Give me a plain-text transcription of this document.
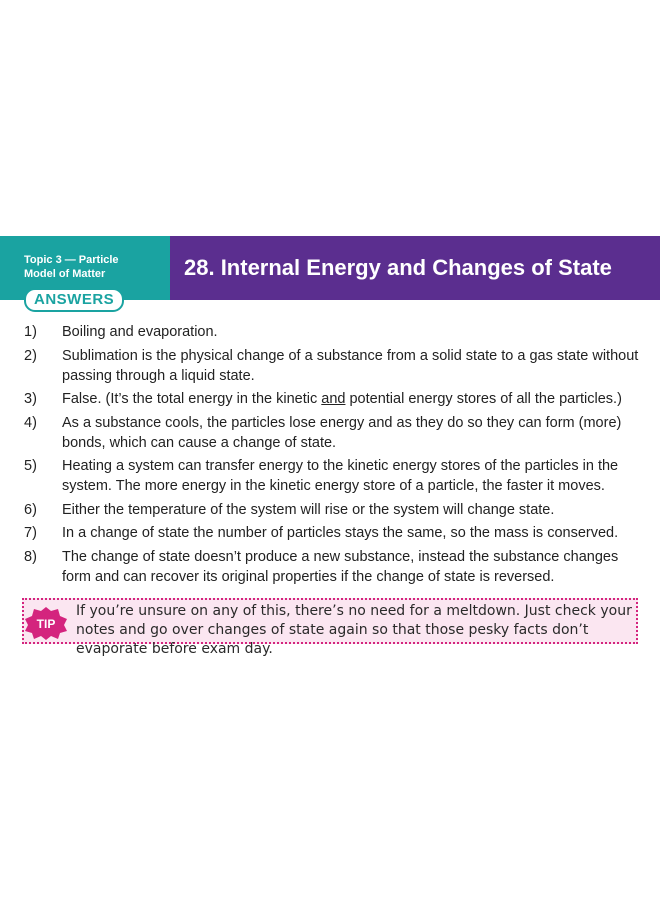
Topic 3 — Particle
Model of Matter	28. Internal Energy and Changes of State
ANSWERS
1)	Boiling and evaporation.
2)	Sublimation is the physical change of a substance from a solid state to a gas state without passing through a liquid state.
3)	False. (It’s the total energy in the kinetic and potential energy stores of all the particles.)
4)	As a substance cools, the particles lose energy and as they do so they can form (more) bonds, which can cause a change of state.
5)	Heating a system can transfer energy to the kinetic energy stores of the particles in the system. The more energy in the kinetic energy store of a particle, the faster it moves.
6)	Either the temperature of the system will rise or the system will change state.
7)	In a change of state the number of particles stays the same, so the mass is conserved.
8)	The change of state doesn’t produce a new substance, instead the substance changes form and can recover its original properties if the change of state is reversed.
TIP
If you’re unsure on any of this, there’s no need for a meltdown. Just check your notes and go over changes of state again so that those pesky facts don’t evaporate before exam day.
